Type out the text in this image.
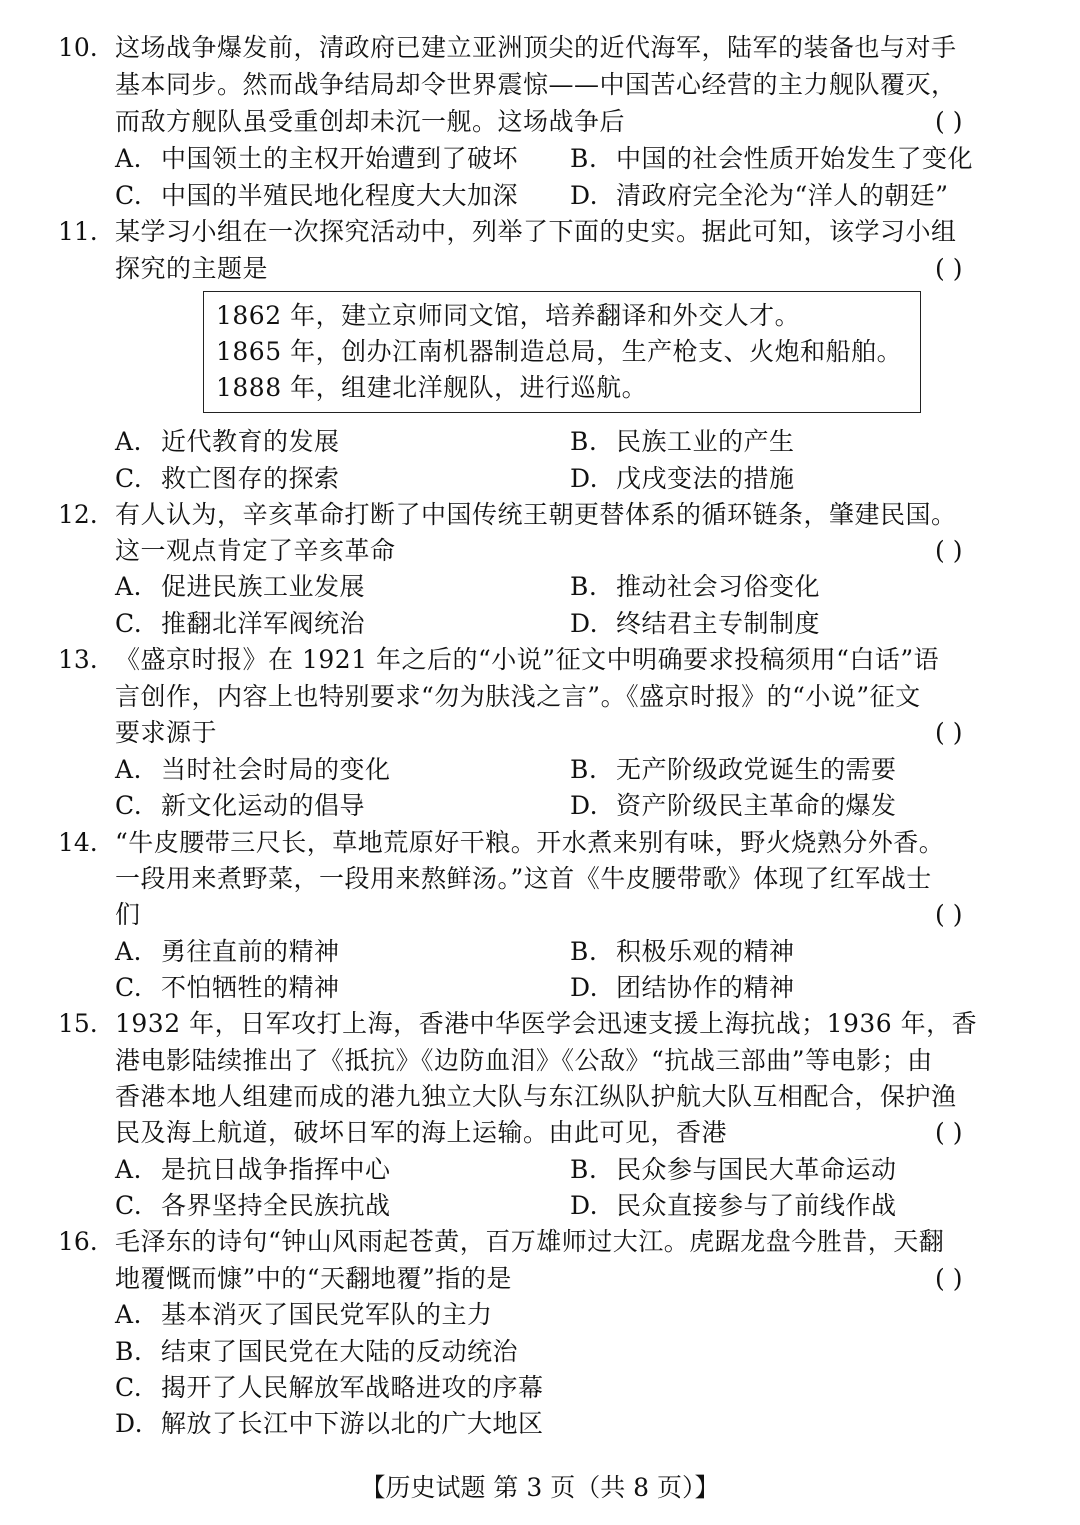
10. 这场战争爆发前，清政府已建立亚洲顶尖的近代海军，陆军的装备也与对手
基本同步。然而战争结局却令世界震惊——中国苦心经营的主力舰队覆灭，
而敌方舰队虽受重创却未沉一舰。这场战争后	( )
A. 中国领土的主权开始遭到了破坏 B. 中国的社会性质开始发生了变化
C. 中国的半殖民地化程度大大加深 D. 清政府完全沦为“洋人的朝廷”
11. 某学习小组在一次探究活动中，列举了下面的史实。据此可知，该学习小组
探究的主题是	( )
1862 年，建立京师同文馆，培养翻译和外交人才。
1865 年，创办江南机器制造总局，生产枪支、火炮和船舶。
1888 年，组建北洋舰队，进行巡航。
A. 近代教育的发展	B. 民族工业的产生
C. 救亡图存的探索	D. 戊戌变法的措施
12. 有人认为，辛亥革命打断了中国传统王朝更替体系的循环链条，肇建民国。
这一观点肯定了辛亥革命	( )
A. 促进民族工业发展	B. 推动社会习俗变化
C. 推翻北洋军阀统治	D. 终结君主专制制度
13. 《盛京时报》在 1921 年之后的“小说”征文中明确要求投稿须用“白话”语
言创作，内容上也特别要求“勿为肤浅之言”。《盛京时报》的“小说”征文
要求源于	( )
A. 当时社会时局的变化	B. 无产阶级政党诞生的需要
C. 新文化运动的倡导	D. 资产阶级民主革命的爆发
14. “牛皮腰带三尺长，草地荒原好干粮。开水煮来别有味，野火烧熟分外香。
一段用来煮野菜，一段用来熬鲜汤。”这首《牛皮腰带歌》体现了红军战士
们	( )
A. 勇往直前的精神	B. 积极乐观的精神
C. 不怕牺牲的精神	D. 团结协作的精神
15. 1932 年，日军攻打上海，香港中华医学会迅速支援上海抗战；1936 年，香
港电影陆续推出了《抵抗》《边防血泪》《公敌》“抗战三部曲”等电影；由
香港本地人组建而成的港九独立大队与东江纵队护航大队互相配合，保护渔
民及海上航道，破坏日军的海上运输。由此可见，香港	( )
A. 是抗日战争指挥中心	B. 民众参与国民大革命运动
C. 各界坚持全民族抗战	D. 民众直接参与了前线作战
16. 毛泽东的诗句“钟山风雨起苍黄，百万雄师过大江。虎踞龙盘今胜昔，天翻
地覆慨而慷”中的“天翻地覆”指的是	( )
A. 基本消灭了国民党军队的主力
B. 结束了国民党在大陆的反动统治
C. 揭开了人民解放军战略进攻的序幕
D. 解放了长江中下游以北的广大地区
【历史试题 第 3 页（共 8 页）】
